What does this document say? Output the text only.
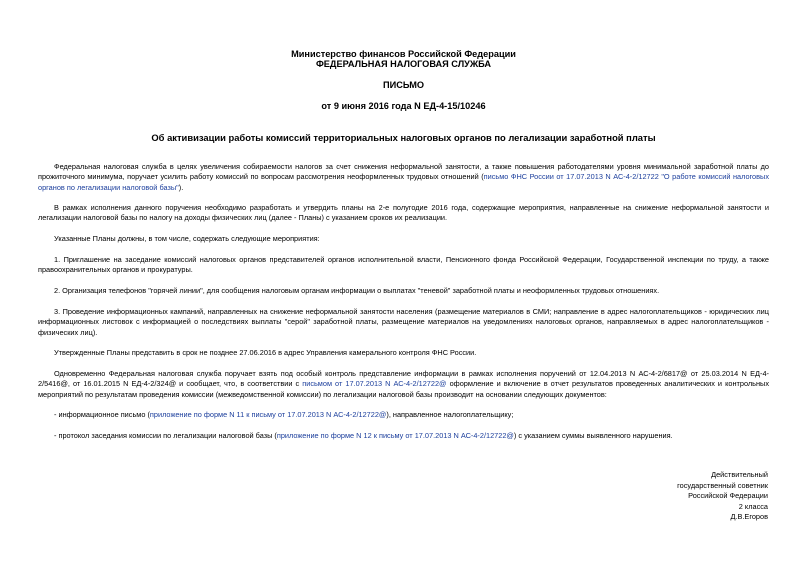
Министерство финансов Российской Федерации
ФЕДЕРАЛЬНАЯ НАЛОГОВАЯ СЛУЖБА
ПИСЬМО
от 9 июня 2016 года N ЕД-4-15/10246
Об активизации работы комиссий территориальных налоговых органов по легализации заработной платы

Федеральная налоговая служба в целях увеличения собираемости налогов за счет снижения неформальной занятости, а также повышения работодателями уровня минимальной заработной платы до прожиточного минимума, поручает усилить работу комиссий по вопросам рассмотрения неоформленных трудовых отношений (письмо ФНС России от 17.07.2013 N АС-4-2/12722 "О работе комиссий налоговых органов по легализации налоговой базы").

В рамках исполнения данного поручения необходимо разработать и утвердить планы на 2-е полугодие 2016 года, содержащие мероприятия, направленные на снижение неформальной занятости и легализации налоговой базы по налогу на доходы физических лиц (далее - Планы) с указанием сроков их реализации.

Указанные Планы должны, в том числе, содержать следующие мероприятия:

1. Приглашение на заседание комиссий налоговых органов представителей органов исполнительной власти, Пенсионного фонда Российской Федерации, Государственной инспекции по труду, а также правоохранительных органов и прокуратуры.

2. Организация телефонов "горячей линии", для сообщения налоговым органам информации о выплатах "теневой" заработной платы и неоформленных трудовых отношениях.

3. Проведение информационных кампаний, направленных на снижение неформальной занятости населения (размещение материалов в СМИ; направление в адрес налогоплательщиков - юридических лиц информационных листовок с информацией о последствиях выплаты "серой" заработной платы, размещение материалов на уведомлениях налоговых органов, направляемых в адрес налогоплательщиков - физических лиц).

Утвержденные Планы представить в срок не позднее 27.06.2016 в адрес Управления камерального контроля ФНС России.

Одновременно Федеральная налоговая служба поручает взять под особый контроль представление информации в рамках исполнения поручений от 12.04.2013 N АС-4-2/6817@ от 25.03.2014 N ЕД-4-2/5416@, от 16.01.2015 N ЕД-4-2/324@ и сообщает, что, в соответствии с письмом от 17.07.2013 N АС-4-2/12722@ оформление и включение в отчет результатов проведенных аналитических и контрольных мероприятий по результатам проведения комиссии (межведомственной комиссии) по легализации налоговой базы производит на основании следующих документов:

- информационное письмо (приложение по форме N 11 к письму от 17.07.2013 N АС-4-2/12722@), направленное налогоплательщику;

- протокол заседания комиссии по легализации налоговой базы (приложение по форме N 12 к письму от 17.07.2013 N АС-4-2/12722@) с указанием суммы выявленного нарушения.

Действительный
государственный советник
Российской Федерации
2 класса
Д.В.Егоров
